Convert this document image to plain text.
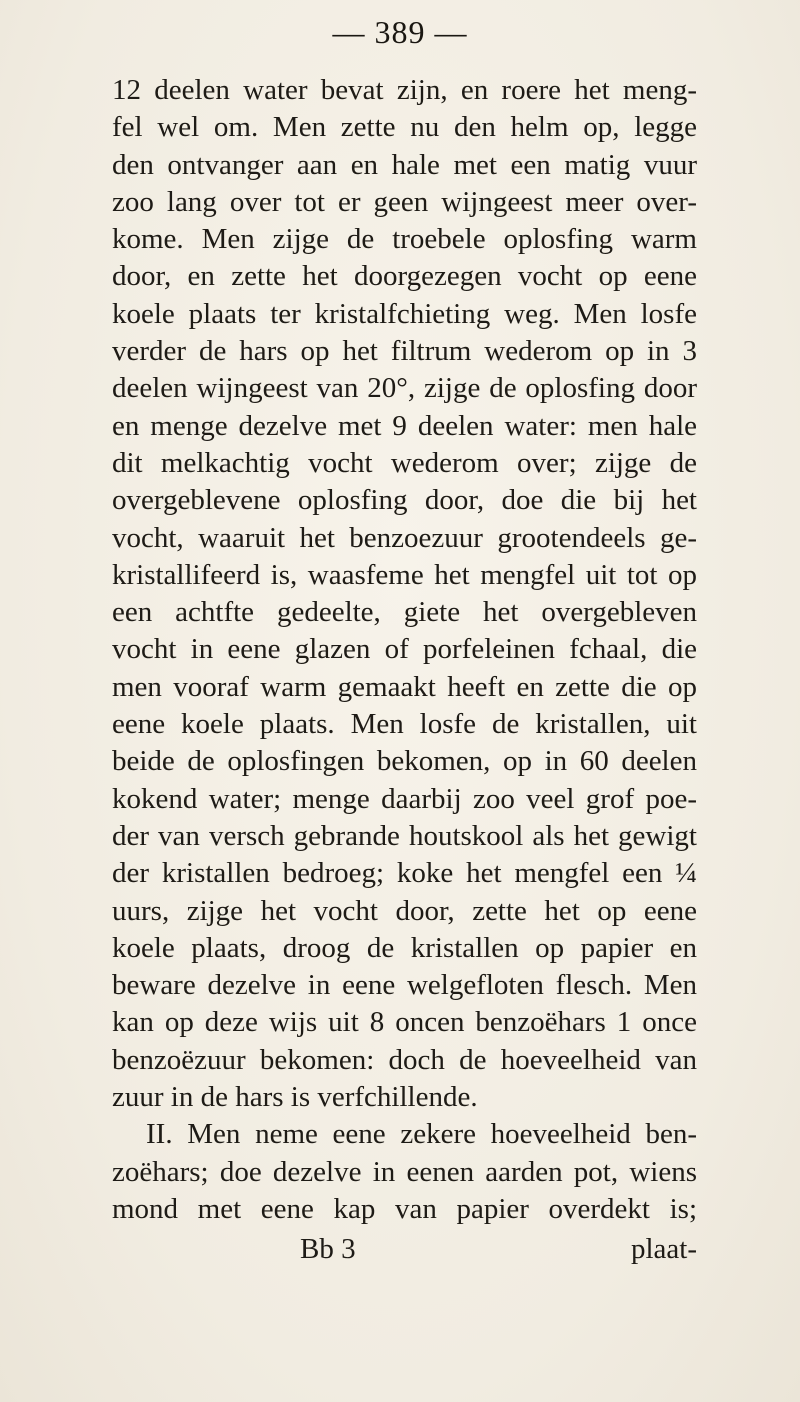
— 389 —
12 deelen water bevat zijn, en roere het meng-
fel wel om. Men zette nu den helm op, legge
den ontvanger aan en hale met een matig vuur
zoo lang over tot er geen wijngeest meer over-
kome. Men zijge de troebele oplosfing warm
door, en zette het doorgezegen vocht op eene
koele plaats ter kristalfchieting weg. Men losfe
verder de hars op het filtrum wederom op in 3
deelen wijngeest van 20°, zijge de oplosfing door
en menge dezelve met 9 deelen water: men hale
dit melkachtig vocht wederom over; zijge de
overgeblevene oplosfing door, doe die bij het
vocht, waaruit het benzoezuur grootendeels ge-
kristallifeerd is, waasfeme het mengfel uit tot op
een achtfte gedeelte, giete het overgebleven
vocht in eene glazen of porfeleinen fchaal, die
men vooraf warm gemaakt heeft en zette die op
eene koele plaats. Men losfe de kristallen, uit
beide de oplosfingen bekomen, op in 60 deelen
kokend water; menge daarbij zoo veel grof poe-
der van versch gebrande houtskool als het gewigt
der kristallen bedroeg; koke het mengfel een ¼
uurs, zijge het vocht door, zette het op eene
koele plaats, droog de kristallen op papier en
beware dezelve in eene welgefloten flesch. Men
kan op deze wijs uit 8 oncen benzoëhars 1 once
benzoëzuur bekomen: doch de hoeveelheid van
zuur in de hars is verfchillende.
II. Men neme eene zekere hoeveelheid ben-
zoëhars; doe dezelve in eenen aarden pot, wiens
mond met eene kap van papier overdekt is;
Bb 3	plaat-
